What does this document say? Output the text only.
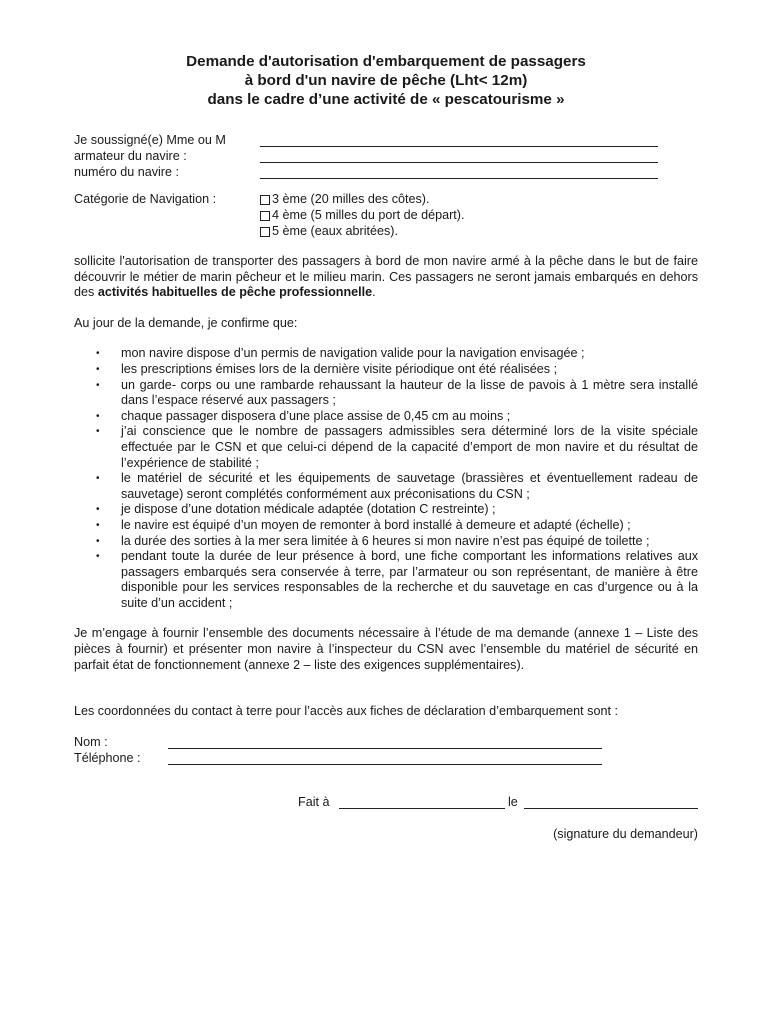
Demande d'autorisation d'embarquement de passagers
à bord d'un navire de pêche (Lht< 12m)
dans le cadre d’une activité de « pescatourisme »
Je soussigné(e) Mme ou M
armateur du navire :
numéro du navire :
Catégorie de Navigation :	3 ème (20 milles des côtes).
4 ème (5 milles du port de départ).
5 ème (eaux abritées).

sollicite l'autorisation de transporter des passagers à bord de mon navire armé à la pêche dans le but de faire découvrir le métier de marin pêcheur et le milieu marin. Ces passagers ne seront jamais embarqués en dehors des activités habituelles de pêche professionnelle.

Au jour de la demande, je confirme que:

• mon navire dispose d’un permis de navigation valide pour la navigation envisagée ;
• les prescriptions émises lors de la dernière visite périodique ont été réalisées ;
• un garde- corps ou une rambarde rehaussant la hauteur de la lisse de pavois à 1 mètre sera installé dans l’espace réservé aux passagers ;
• chaque passager disposera d’une place assise de 0,45 cm au moins ;
• j’ai conscience que le nombre de passagers admissibles sera déterminé lors de la visite spéciale effectuée par le CSN et que celui-ci dépend de la capacité d’emport de mon navire et du résultat de l’expérience de stabilité ;
• le matériel de sécurité et les équipements de sauvetage (brassières et éventuellement radeau de sauvetage) seront complétés conformément aux préconisations du CSN ;
• je dispose d’une dotation médicale adaptée (dotation C restreinte) ;
• le navire est équipé d’un moyen de remonter à bord installé à demeure et adapté (échelle) ;
• la durée des sorties à la mer sera limitée à 6 heures si mon navire n’est pas équipé de toilette ;
• pendant toute la durée de leur présence à bord, une fiche comportant les informations relatives aux passagers embarqués sera conservée à terre, par l’armateur ou son représentant, de manière à être disponible pour les services responsables de la recherche et du sauvetage en cas d’urgence ou à la suite d’un accident ;

Je m’engage à fournir l’ensemble des documents nécessaire à l’étude de ma demande (annexe 1 – Liste des pièces à fournir) et présenter mon navire à l’inspecteur du CSN avec l’ensemble du matériel de sécurité en parfait état de fonctionnement (annexe 2 – liste des exigences supplémentaires).

Les coordonnées du contact à terre pour l’accès aux fiches de déclaration d’embarquement sont :

Nom :
Téléphone :
Fait à	le
(signature du demandeur)
